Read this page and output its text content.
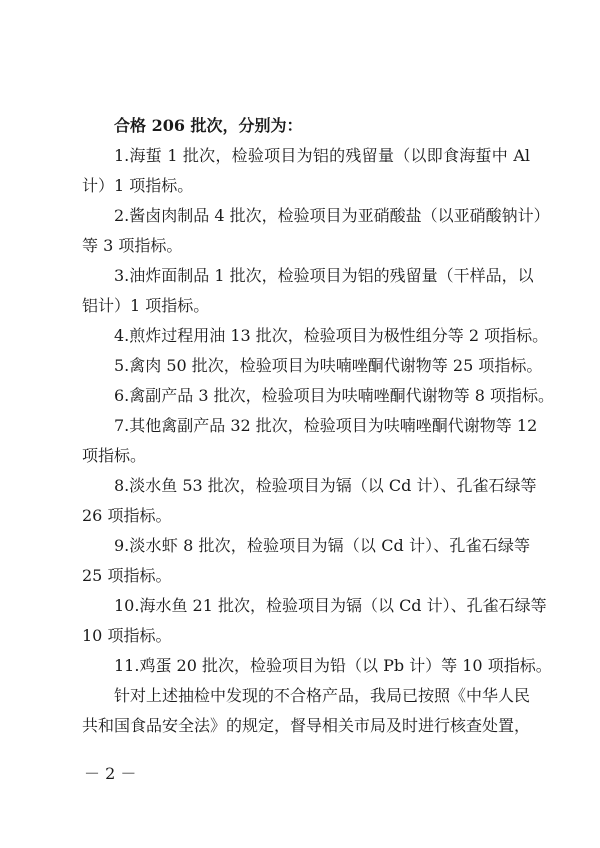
合格 206 批次，分别为：

1.海蜇 1 批次，检验项目为铝的残留量（以即食海蜇中 Al

计）1 项指标。

2.酱卤肉制品 4 批次，检验项目为亚硝酸盐（以亚硝酸钠计）

等 3 项指标。

3.油炸面制品 1 批次，检验项目为铝的残留量（干样品，以

铝计）1 项指标。

4.煎炸过程用油 13 批次，检验项目为极性组分等 2 项指标。

5.禽肉 50 批次，检验项目为呋喃唑酮代谢物等 25 项指标。

6.禽副产品 3 批次，检验项目为呋喃唑酮代谢物等 8 项指标。

7.其他禽副产品 32 批次，检验项目为呋喃唑酮代谢物等 12

项指标。

8.淡水鱼 53 批次，检验项目为镉（以 Cd 计）、孔雀石绿等

26 项指标。

9.淡水虾 8 批次，检验项目为镉（以 Cd 计）、孔雀石绿等

25 项指标。

10.海水鱼 21 批次，检验项目为镉（以 Cd 计）、孔雀石绿等

10 项指标。

11.鸡蛋 20 批次，检验项目为铅（以 Pb 计）等 10 项指标。

针对上述抽检中发现的不合格产品，我局已按照《中华人民

共和国食品安全法》的规定，督导相关市局及时进行核查处置，

－ 2 －
